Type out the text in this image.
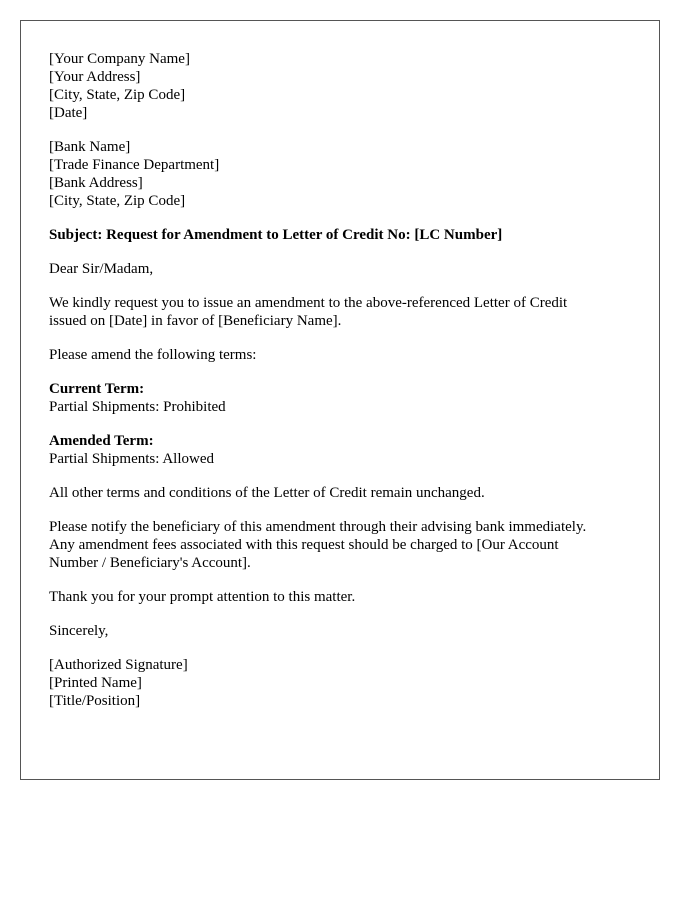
[Your Company Name]
[Your Address]
[City, State, Zip Code]
[Date]
[Bank Name]
[Trade Finance Department]
[Bank Address]
[City, State, Zip Code]
Subject: Request for Amendment to Letter of Credit No: [LC Number]
Dear Sir/Madam,
We kindly request you to issue an amendment to the above-referenced Letter of Credit
issued on [Date] in favor of [Beneficiary Name].
Please amend the following terms:
Current Term:
Partial Shipments: Prohibited
Amended Term:
Partial Shipments: Allowed
All other terms and conditions of the Letter of Credit remain unchanged.
Please notify the beneficiary of this amendment through their advising bank immediately.
Any amendment fees associated with this request should be charged to [Our Account
Number / Beneficiary's Account].
Thank you for your prompt attention to this matter.
Sincerely,
[Authorized Signature]
[Printed Name]
[Title/Position]
